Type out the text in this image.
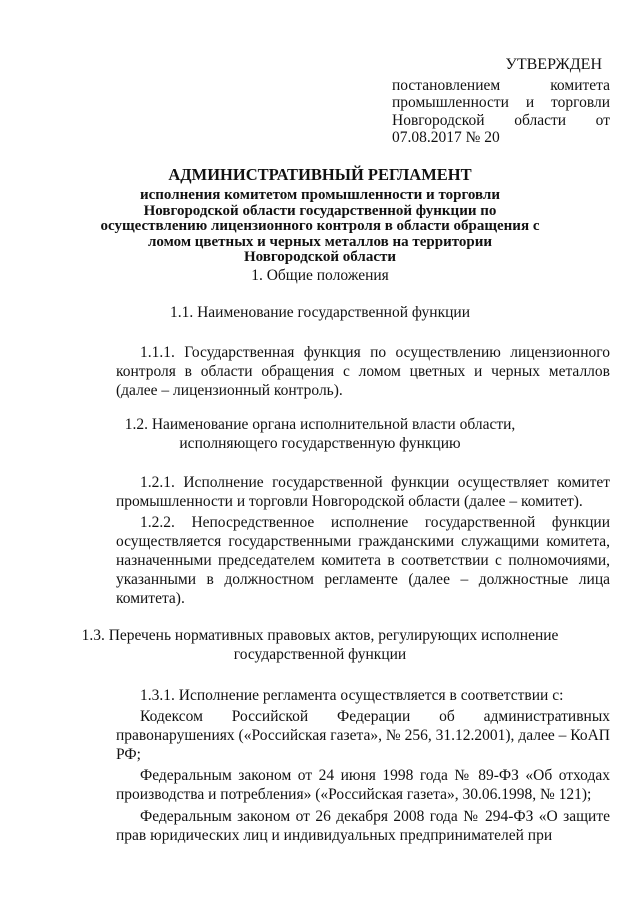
УТВЕРЖДЕН
постановлением комитета
промышленности и торговли
Новгородской области от
07.08.2017 № 20
АДМИНИСТРАТИВНЫЙ РЕГЛАМЕНТ
исполнения комитетом промышленности и торговли Новгородской области государственной функции по осуществлению лицензионного контроля в области обращения с ломом цветных и черных металлов на территории Новгородской области
1. Общие положения
1.1. Наименование государственной функции
1.1.1. Государственная функция по осуществлению лицензионного контроля в области обращения с ломом цветных и черных металлов (далее – лицензионный контроль).
1.2. Наименование органа исполнительной власти области,
исполняющего государственную функцию
1.2.1. Исполнение государственной функции осуществляет комитет промышленности и торговли Новгородской области (далее – комитет).
1.2.2. Непосредственное исполнение государственной функции осуществляется государственными гражданскими служащими комитета, назначенными председателем комитета в соответствии с полномочиями, указанными в должностном регламенте (далее – должностные лица комитета).
1.3. Перечень нормативных правовых актов, регулирующих исполнение
государственной функции
1.3.1. Исполнение регламента осуществляется в соответствии с:
Кодексом Российской Федерации об административных правонарушениях («Российская газета», № 256, 31.12.2001), далее – КоАП РФ;
Федеральным законом от 24 июня 1998 года № 89-ФЗ «Об отходах производства и потребления» («Российская газета», 30.06.1998, № 121);
Федеральным законом от 26 декабря 2008 года № 294-ФЗ «О защите прав юридических лиц и индивидуальных предпринимателей при
